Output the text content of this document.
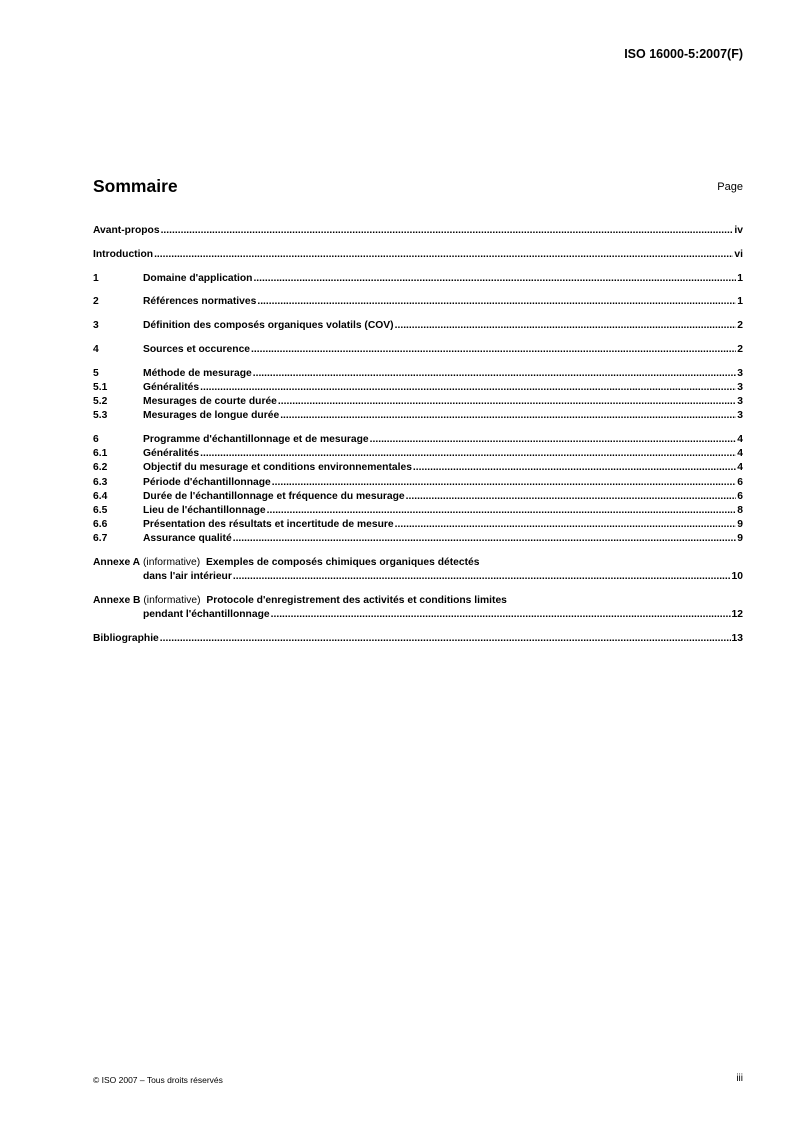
ISO 16000-5:2007(F)
Sommaire	Page
Avant-propos .....	iv
Introduction .....	vi
1	Domaine d'application .....	1
2	Références normatives .....	1
3	Définition des composés organiques volatils (COV) .....	2
4	Sources et occurence .....	2
5	Méthode de mesurage .....	3
5.1	Généralités .....	3
5.2	Mesurages de courte durée .....	3
5.3	Mesurages de longue durée .....	3
6	Programme d'échantillonnage et de mesurage .....	4
6.1	Généralités .....	4
6.2	Objectif du mesurage et conditions environnementales .....	4
6.3	Période d'échantillonnage .....	6
6.4	Durée de l'échantillonnage et fréquence du mesurage .....	6
6.5	Lieu de l'échantillonnage .....	8
6.6	Présentation des résultats et incertitude de mesure .....	9
6.7	Assurance qualité .....	9
Annexe A
(informative)
Exemples de composés chimiques organiques détectés
dans l'air intérieur .....	10
Annexe B
(informative)
Protocole d'enregistrement des activités et conditions limites
pendant l'échantillonnage .....	12
Bibliographie .....	13
© ISO 2007 – Tous droits réservés	iii
